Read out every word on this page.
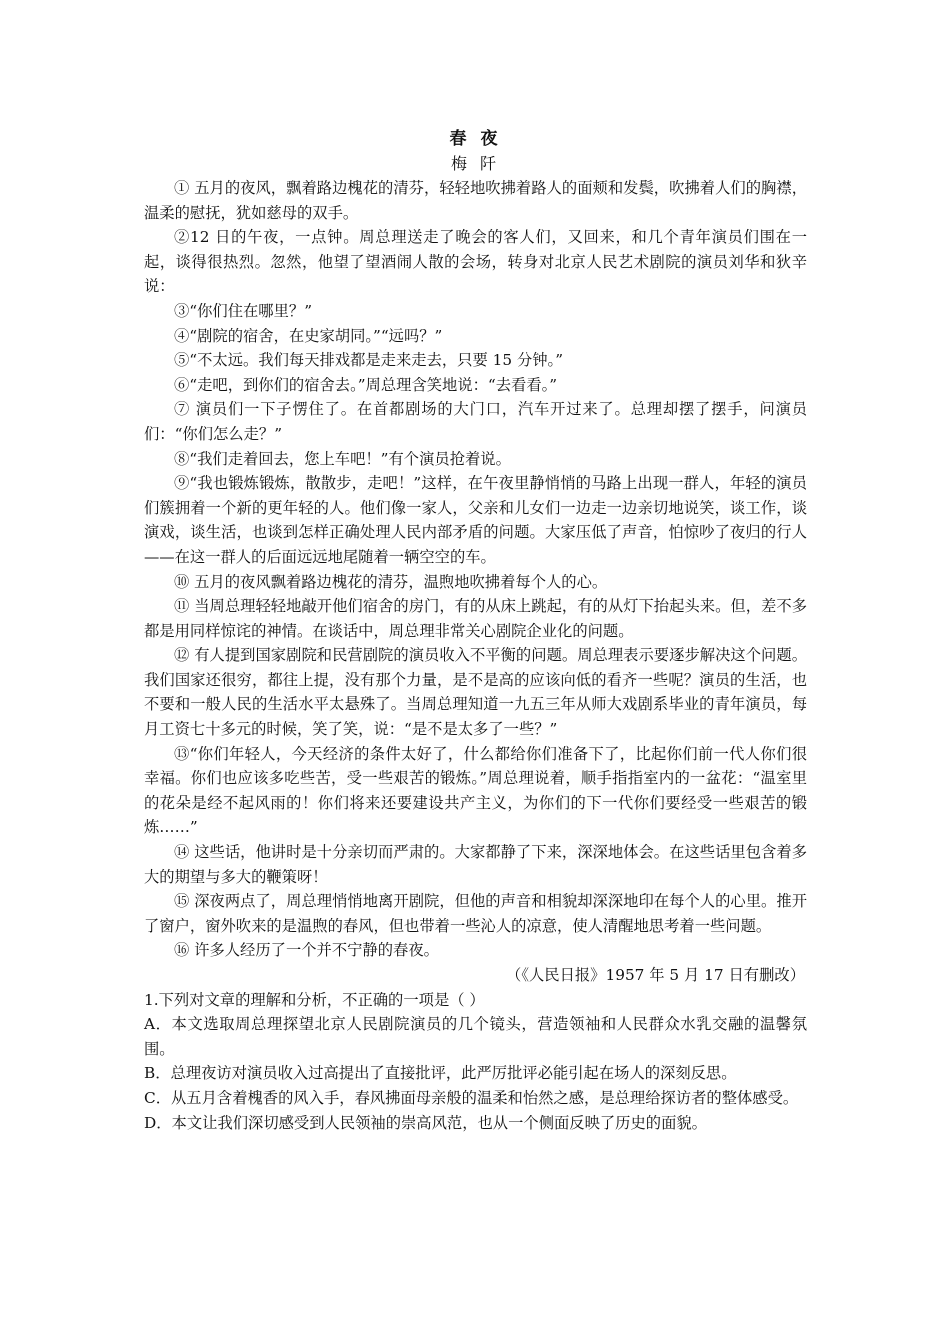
春 夜
梅 阡

① 五月的夜风，飘着路边槐花的清芬，轻轻地吹拂着路人的面颊和发鬓，吹拂着人们的胸襟，温柔的慰抚，犹如慈母的双手。

②12 日的午夜，一点钟。周总理送走了晚会的客人们，又回来，和几个青年演员们围在一起，谈得很热烈。忽然，他望了望酒闹人散的会场，转身对北京人民艺术剧院的演员刘华和狄辛说：

③“你们住在哪里？”

④“剧院的宿舍，在史家胡同。”“远吗？”

⑤“不太远。我们每天排戏都是走来走去，只要 15 分钟。”

⑥“走吧，到你们的宿舍去。”周总理含笑地说：“去看看。”

⑦ 演员们一下子愣住了。在首都剧场的大门口，汽车开过来了。总理却摆了摆手，问演员们：“你们怎么走？”

⑧“我们走着回去，您上车吧！”有个演员抢着说。

⑨“我也锻炼锻炼，散散步，走吧！”这样，在午夜里静悄悄的马路上出现一群人，年轻的演员们簇拥着一个新的更年轻的人。他们像一家人，父亲和儿女们一边走一边亲切地说笑，谈工作，谈演戏，谈生活，也谈到怎样正确处理人民内部矛盾的问题。大家压低了声音，怕惊吵了夜归的行人——在这一群人的后面远远地尾随着一辆空空的车。

⑩ 五月的夜风飘着路边槐花的清芬，温煦地吹拂着每个人的心。

⑪ 当周总理轻轻地敲开他们宿舍的房门，有的从床上跳起，有的从灯下抬起头来。但，差不多都是用同样惊诧的神情。在谈话中，周总理非常关心剧院企业化的问题。

⑫ 有人提到国家剧院和民营剧院的演员收入不平衡的问题。周总理表示要逐步解决这个问题。我们国家还很穷，都往上提，没有那个力量，是不是高的应该向低的看齐一些呢？演员的生活，也不要和一般人民的生活水平太悬殊了。当周总理知道一九五三年从师大戏剧系毕业的青年演员，每月工资七十多元的时候，笑了笑，说：“是不是太多了一些？”

⑬“你们年轻人，今天经济的条件太好了，什么都给你们准备下了，比起你们前一代人你们很幸福。你们也应该多吃些苦，受一些艰苦的锻炼。”周总理说着，顺手指指室内的一盆花：“温室里的花朵是经不起风雨的！你们将来还要建设共产主义，为你们的下一代你们要经受一些艰苦的锻炼……”

⑭ 这些话，他讲时是十分亲切而严肃的。大家都静了下来，深深地体会。在这些话里包含着多大的期望与多大的鞭策呀！

⑮ 深夜两点了，周总理悄悄地离开剧院，但他的声音和相貌却深深地印在每个人的心里。推开了窗户，窗外吹来的是温煦的春风，但也带着一些沁人的凉意，使人清醒地思考着一些问题。

⑯ 许多人经历了一个并不宁静的春夜。

（《人民日报》1957 年 5 月 17 日有删改）

1.下列对文章的理解和分析，不正确的一项是（ ）

A．本文选取周总理探望北京人民剧院演员的几个镜头，营造领袖和人民群众水乳交融的温馨氛围。

B．总理夜访对演员收入过高提出了直接批评，此严厉批评必能引起在场人的深刻反思。

C．从五月含着槐香的风入手，春风拂面母亲般的温柔和怡然之感，是总理给探访者的整体感受。

D．本文让我们深切感受到人民领袖的崇高风范，也从一个侧面反映了历史的面貌。
